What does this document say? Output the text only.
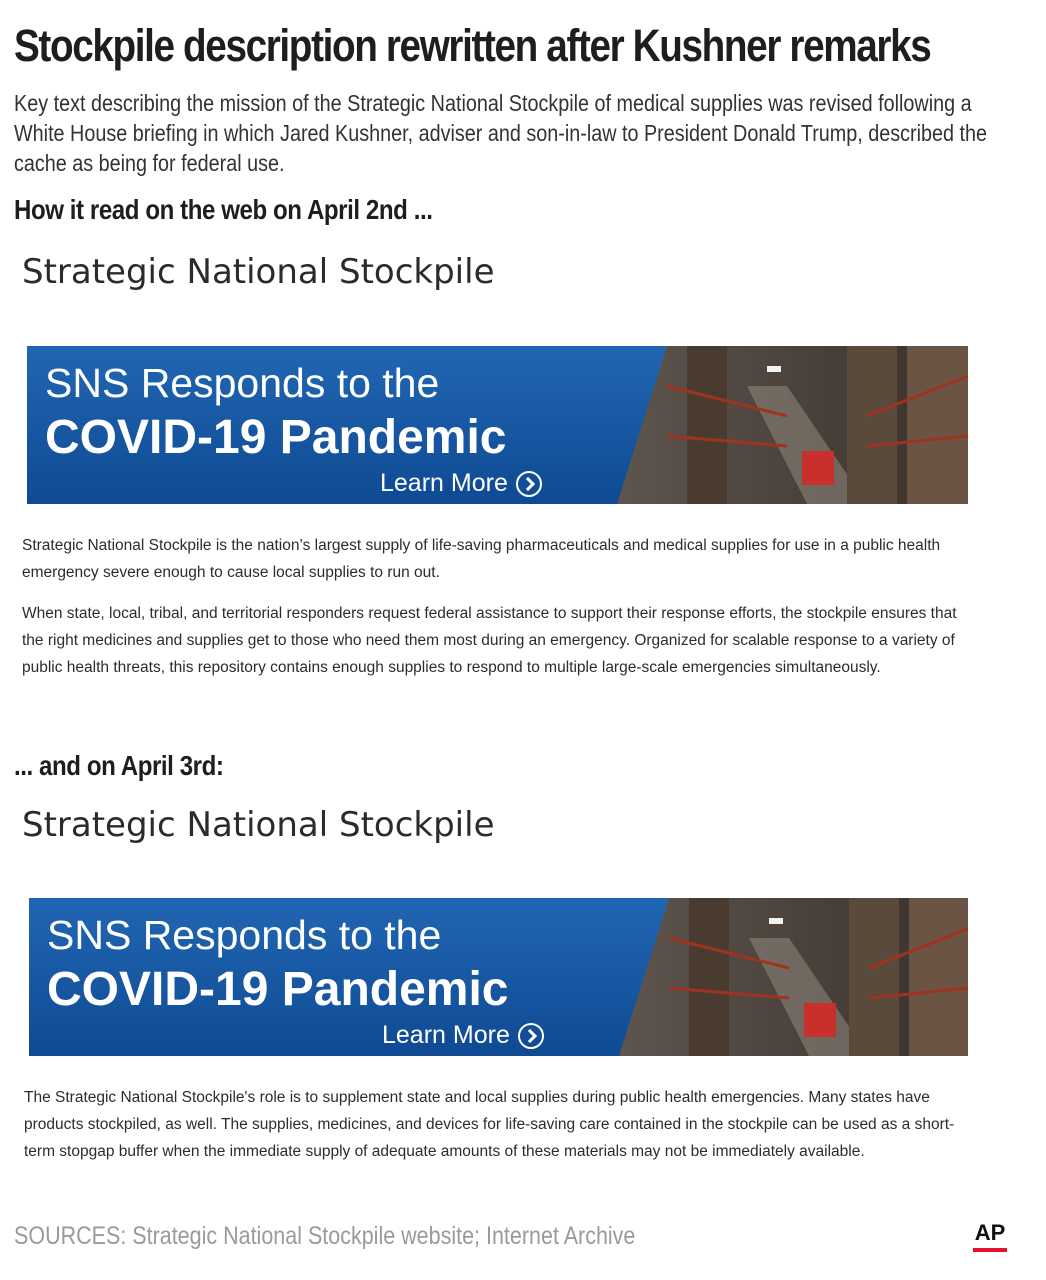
Stockpile description rewritten after Kushner remarks

Key text describing the mission of the Strategic National Stockpile of medical supplies was revised following a White House briefing in which Jared Kushner, adviser and son-in-law to President Donald Trump, described the cache as being for federal use.

How it read on the web on April 2nd ...
Strategic National Stockpile
SNS Responds to the
COVID-19 Pandemic
Learn More

Strategic National Stockpile is the nation’s largest supply of life-saving pharmaceuticals and medical supplies for use in a public health emergency severe enough to cause local supplies to run out.

When state, local, tribal, and territorial responders request federal assistance to support their response efforts, the stockpile ensures that the right medicines and supplies get to those who need them most during an emergency. Organized for scalable response to a variety of public health threats, this repository contains enough supplies to respond to multiple large-scale emergencies simultaneously.

... and on April 3rd:
Strategic National Stockpile
SNS Responds to the
COVID-19 Pandemic
Learn More

The Strategic National Stockpile's role is to supplement state and local supplies during public health emergencies. Many states have products stockpiled, as well. The supplies, medicines, and devices for life-saving care contained in the stockpile can be used as a short-term stopgap buffer when the immediate supply of adequate amounts of these materials may not be immediately available.

SOURCES: Strategic National Stockpile website; Internet Archive	AP
